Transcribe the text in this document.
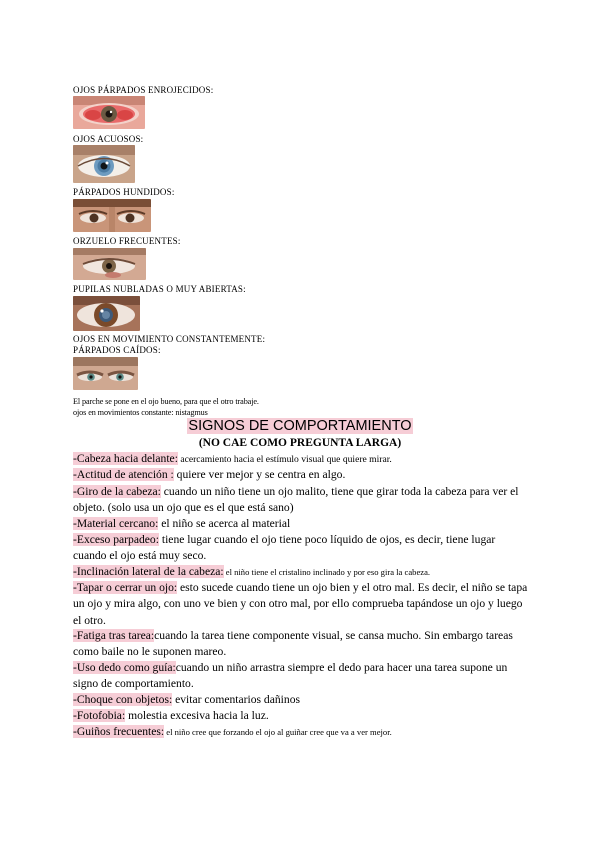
OJOS PÁRPADOS ENROJECIDOS:
OJOS ACUOSOS:
PÁRPADOS HUNDIDOS:
ORZUELO FRECUENTES:
PUPILAS NUBLADAS O MUY ABIERTAS:
OJOS EN MOVIMIENTO CONSTANTEMENTE:
PÁRPADOS CAÍDOS:
El parche se pone en el ojo bueno, para que el otro trabaje.
ojos en movimientos constante: nistagmus
SIGNOS DE COMPORTAMIENTO
(NO CAE COMO PREGUNTA LARGA)
-Cabeza hacia delante: acercamiento hacia el estímulo visual que quiere mirar.
-Actitud de atención : quiere ver mejor y se centra en algo.
-Giro de la cabeza: cuando un niño tiene un ojo malito, tiene que girar toda la cabeza para ver el objeto. (solo usa un ojo que es el que está sano)
-Material cercano: el niño se acerca al material
-Exceso parpadeo: tiene lugar cuando el ojo tiene poco líquido de ojos, es decir, tiene lugar cuando el ojo está muy seco.
-Inclinación lateral de la cabeza: el niño tiene el cristalino inclinado y por eso gira la cabeza.
-Tapar o cerrar un ojo: esto sucede cuando tiene un ojo bien y el otro mal. Es decir, el niño se tapa un ojo y mira algo, con uno ve bien y con otro mal, por ello comprueba tapándose un ojo y luego el otro.
-Fatiga tras tarea:cuando la tarea tiene componente visual, se cansa mucho. Sin embargo tareas como baile no le suponen mareo.
-Uso dedo como guía:cuando un niño arrastra siempre el dedo para hacer una tarea supone un signo de comportamiento.
-Choque con objetos: evitar comentarios dañinos
-Fotofobia: molestia excesiva hacia la luz.
-Guiños frecuentes: el niño cree que forzando el ojo al guiñar cree que va a ver mejor.
